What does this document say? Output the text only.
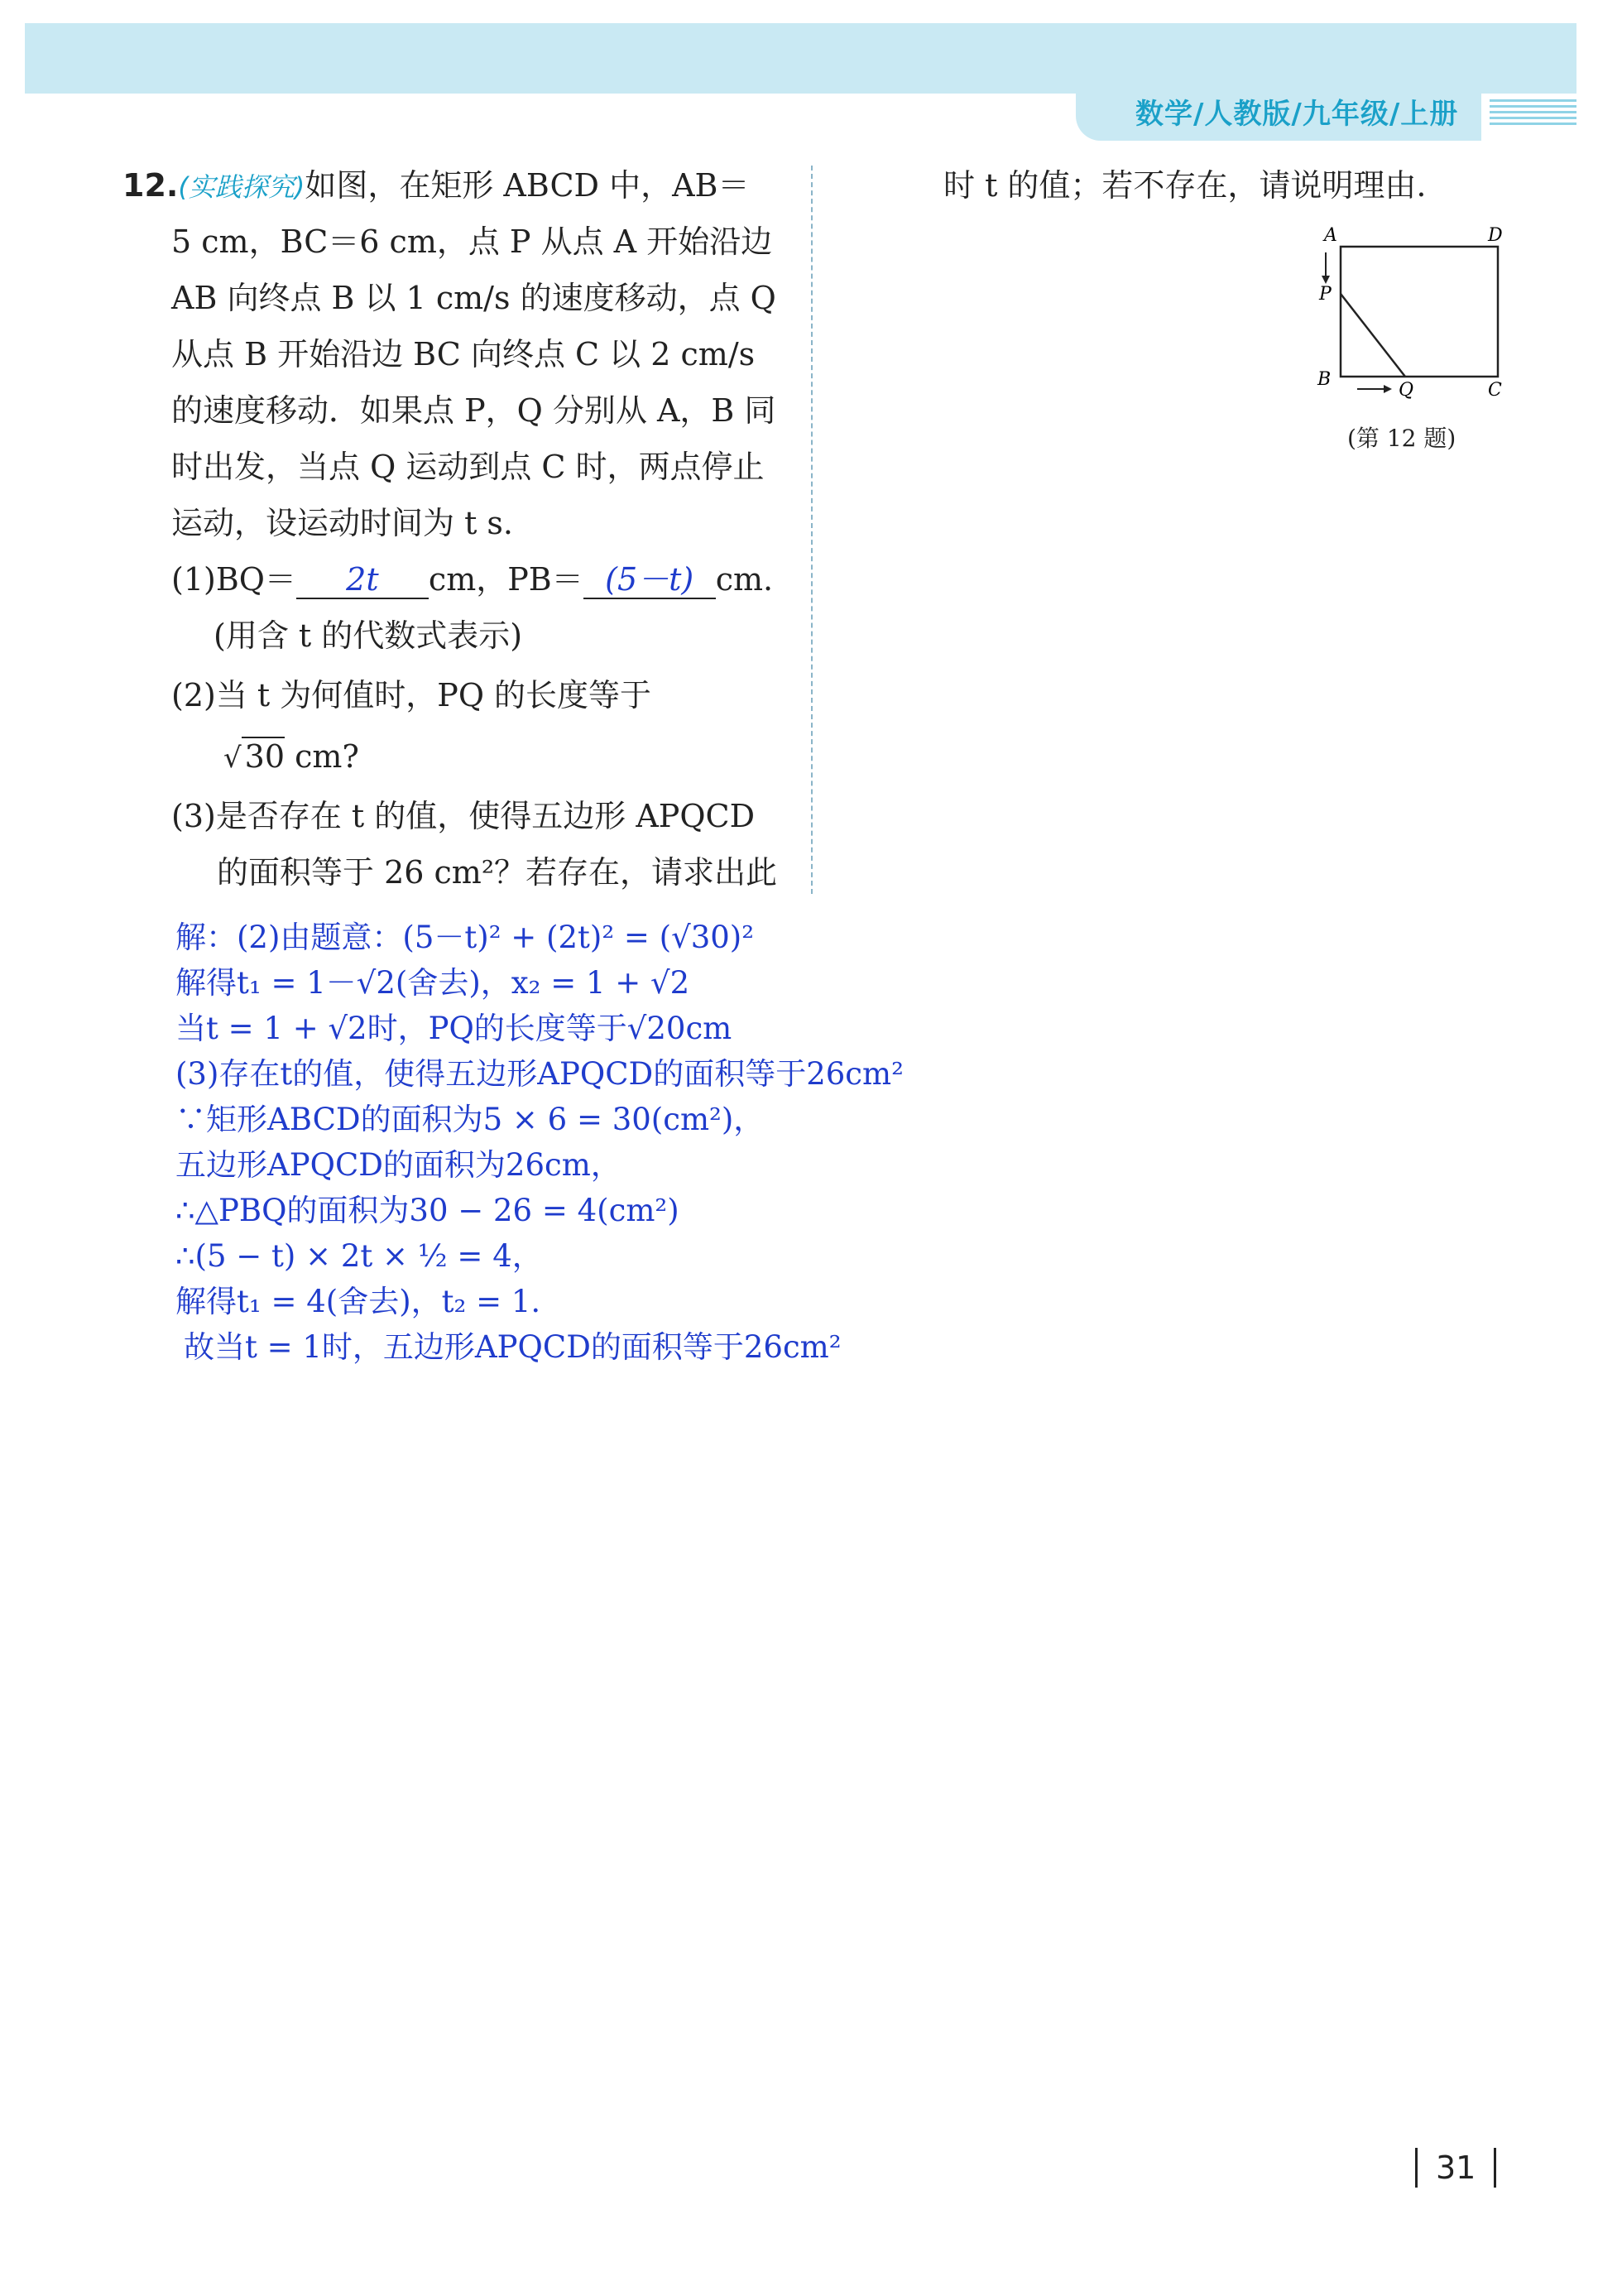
数学/人教版/九年级/上册
12.(实践探究)如图，在矩形 ABCD 中，AB＝
5 cm，BC＝6 cm，点 P 从点 A 开始沿边
AB 向终点 B 以 1 cm/s 的速度移动，点 Q
从点 B 开始沿边 BC 向终点 C 以 2 cm/s
的速度移动．如果点 P，Q 分别从 A，B 同
时出发，当点 Q 运动到点 C 时，两点停止
运动，设运动时间为 t s.
(1)BQ＝ 2t cm，PB＝ (5－t) cm.
(用含 t 的代数式表示)
(2)当 t 为何值时，PQ 的长度等于
√ 30 cm?
(3)是否存在 t 的值，使得五边形 APQCD
的面积等于 26 cm²？若存在，请求出此
时 t 的值；若不存在，请说明理由.
A	D
P
B
Q	C
(第 12 题)
解：(2)由题意：(5－t)² + (2t)² = (√30)²
解得t₁ = 1－√2(舍去)，x₂ = 1 + √2
当t = 1 + √2时，PQ的长度等于√20cm
(3)存在t的值，使得五边形APQCD的面积等于26cm²
∵矩形ABCD的面积为5 × 6 = 30(cm²)，
五边形APQCD的面积为26cm，
∴△PBQ的面积为30 − 26 = 4(cm²)
∴(5 − t) × 2t × ½ = 4，
解得t₁ = 4(舍去)，t₂ = 1.
故当t = 1时，五边形APQCD的面积等于26cm²
31
